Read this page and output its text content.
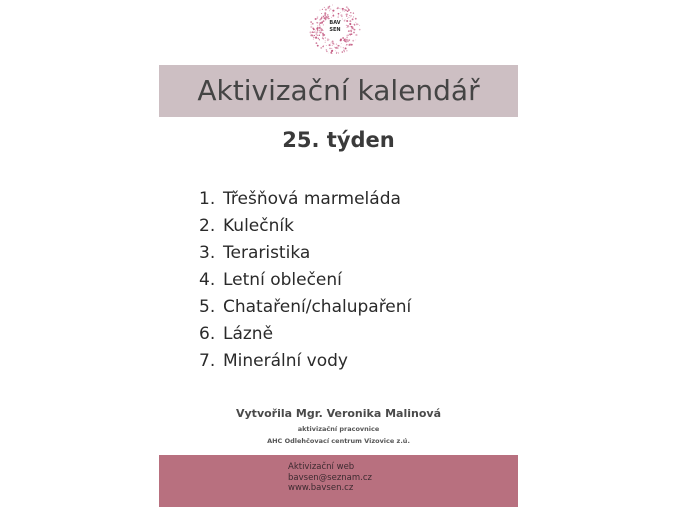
BAV
SEN
Aktivizační kalendář
25. týden
1. Třešňová marmeláda
2. Kulečník
3. Teraristika
4. Letní oblečení
5. Chataření/chalupaření
6. Lázně
7. Minerální vody
Vytvořila Mgr. Veronika Malinová
aktivizační pracovnice
AHC Odlehčovací centrum Vizovice z.ú.
Aktivizační web
bavsen@seznam.cz
www.bavsen.cz
